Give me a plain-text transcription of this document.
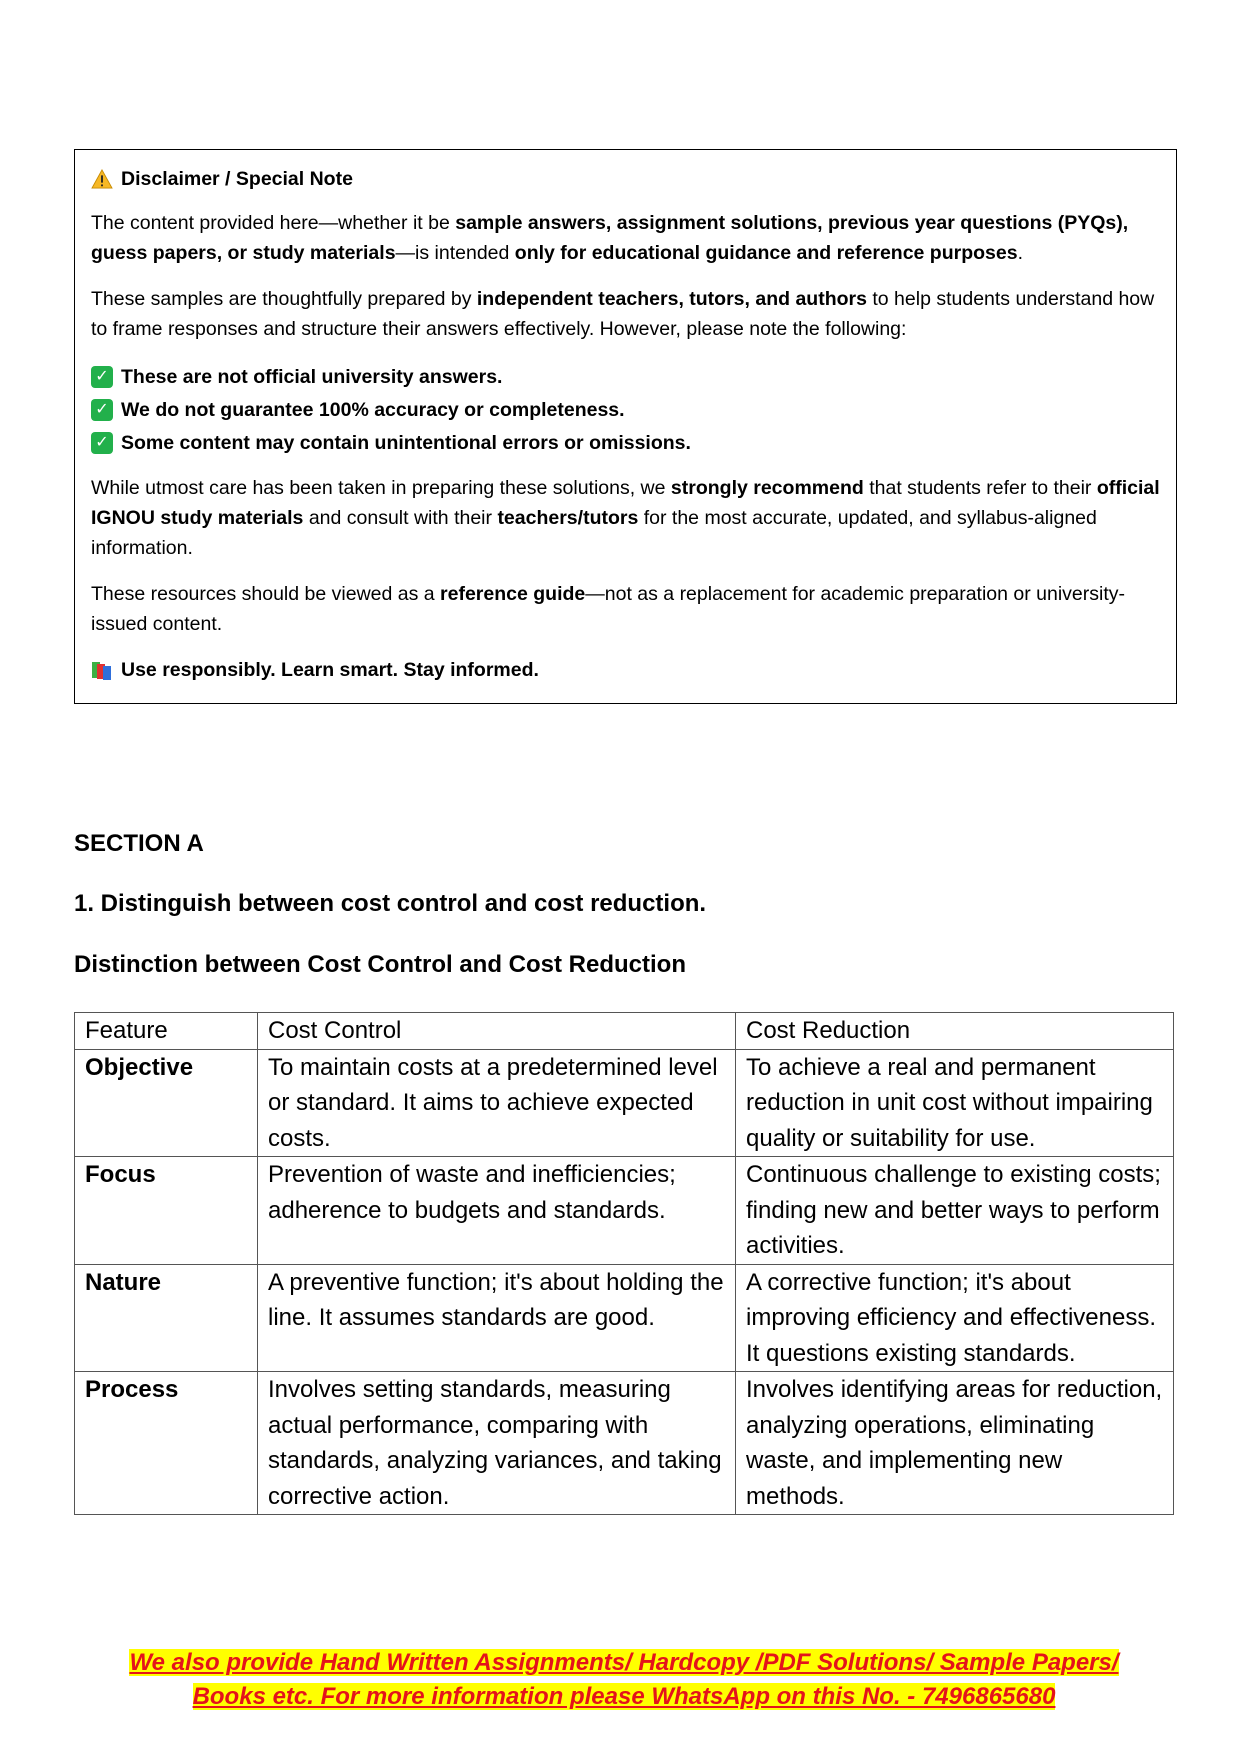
Disclaimer / Special Note

The content provided here—whether it be sample answers, assignment solutions, previous year questions (PYQs), guess papers, or study materials—is intended only for educational guidance and reference purposes.

These samples are thoughtfully prepared by independent teachers, tutors, and authors to help students understand how to frame responses and structure their answers effectively. However, please note the following:

✓ These are not official university answers.
✓ We do not guarantee 100% accuracy or completeness.
✓ Some content may contain unintentional errors or omissions.

While utmost care has been taken in preparing these solutions, we strongly recommend that students refer to their official IGNOU study materials and consult with their teachers/tutors for the most accurate, updated, and syllabus-aligned information.

These resources should be viewed as a reference guide—not as a replacement for academic preparation or university-issued content.

Use responsibly. Learn smart. Stay informed.

SECTION A
1. Distinguish between cost control and cost reduction.
Distinction between Cost Control and Cost Reduction
Feature	Cost Control	Cost Reduction
Objective	To maintain costs at a predetermined level or standard. It aims to achieve expected costs.	To achieve a real and permanent reduction in unit cost without impairing quality or suitability for use.
Focus	Prevention of waste and inefficiencies; adherence to budgets and standards.	Continuous challenge to existing costs; finding new and better ways to perform activities.
Nature	A preventive function; it's about holding the line. It assumes standards are good.	A corrective function; it's about improving efficiency and effectiveness. It questions existing standards.
Process	Involves setting standards, measuring actual performance, comparing with standards, analyzing variances, and taking corrective action.	Involves identifying areas for reduction, analyzing operations, eliminating waste, and implementing new methods.
We also provide Hand Written Assignments/ Hardcopy /PDF Solutions/ Sample Papers/
Books etc. For more information please WhatsApp on this No. - 7496865680
